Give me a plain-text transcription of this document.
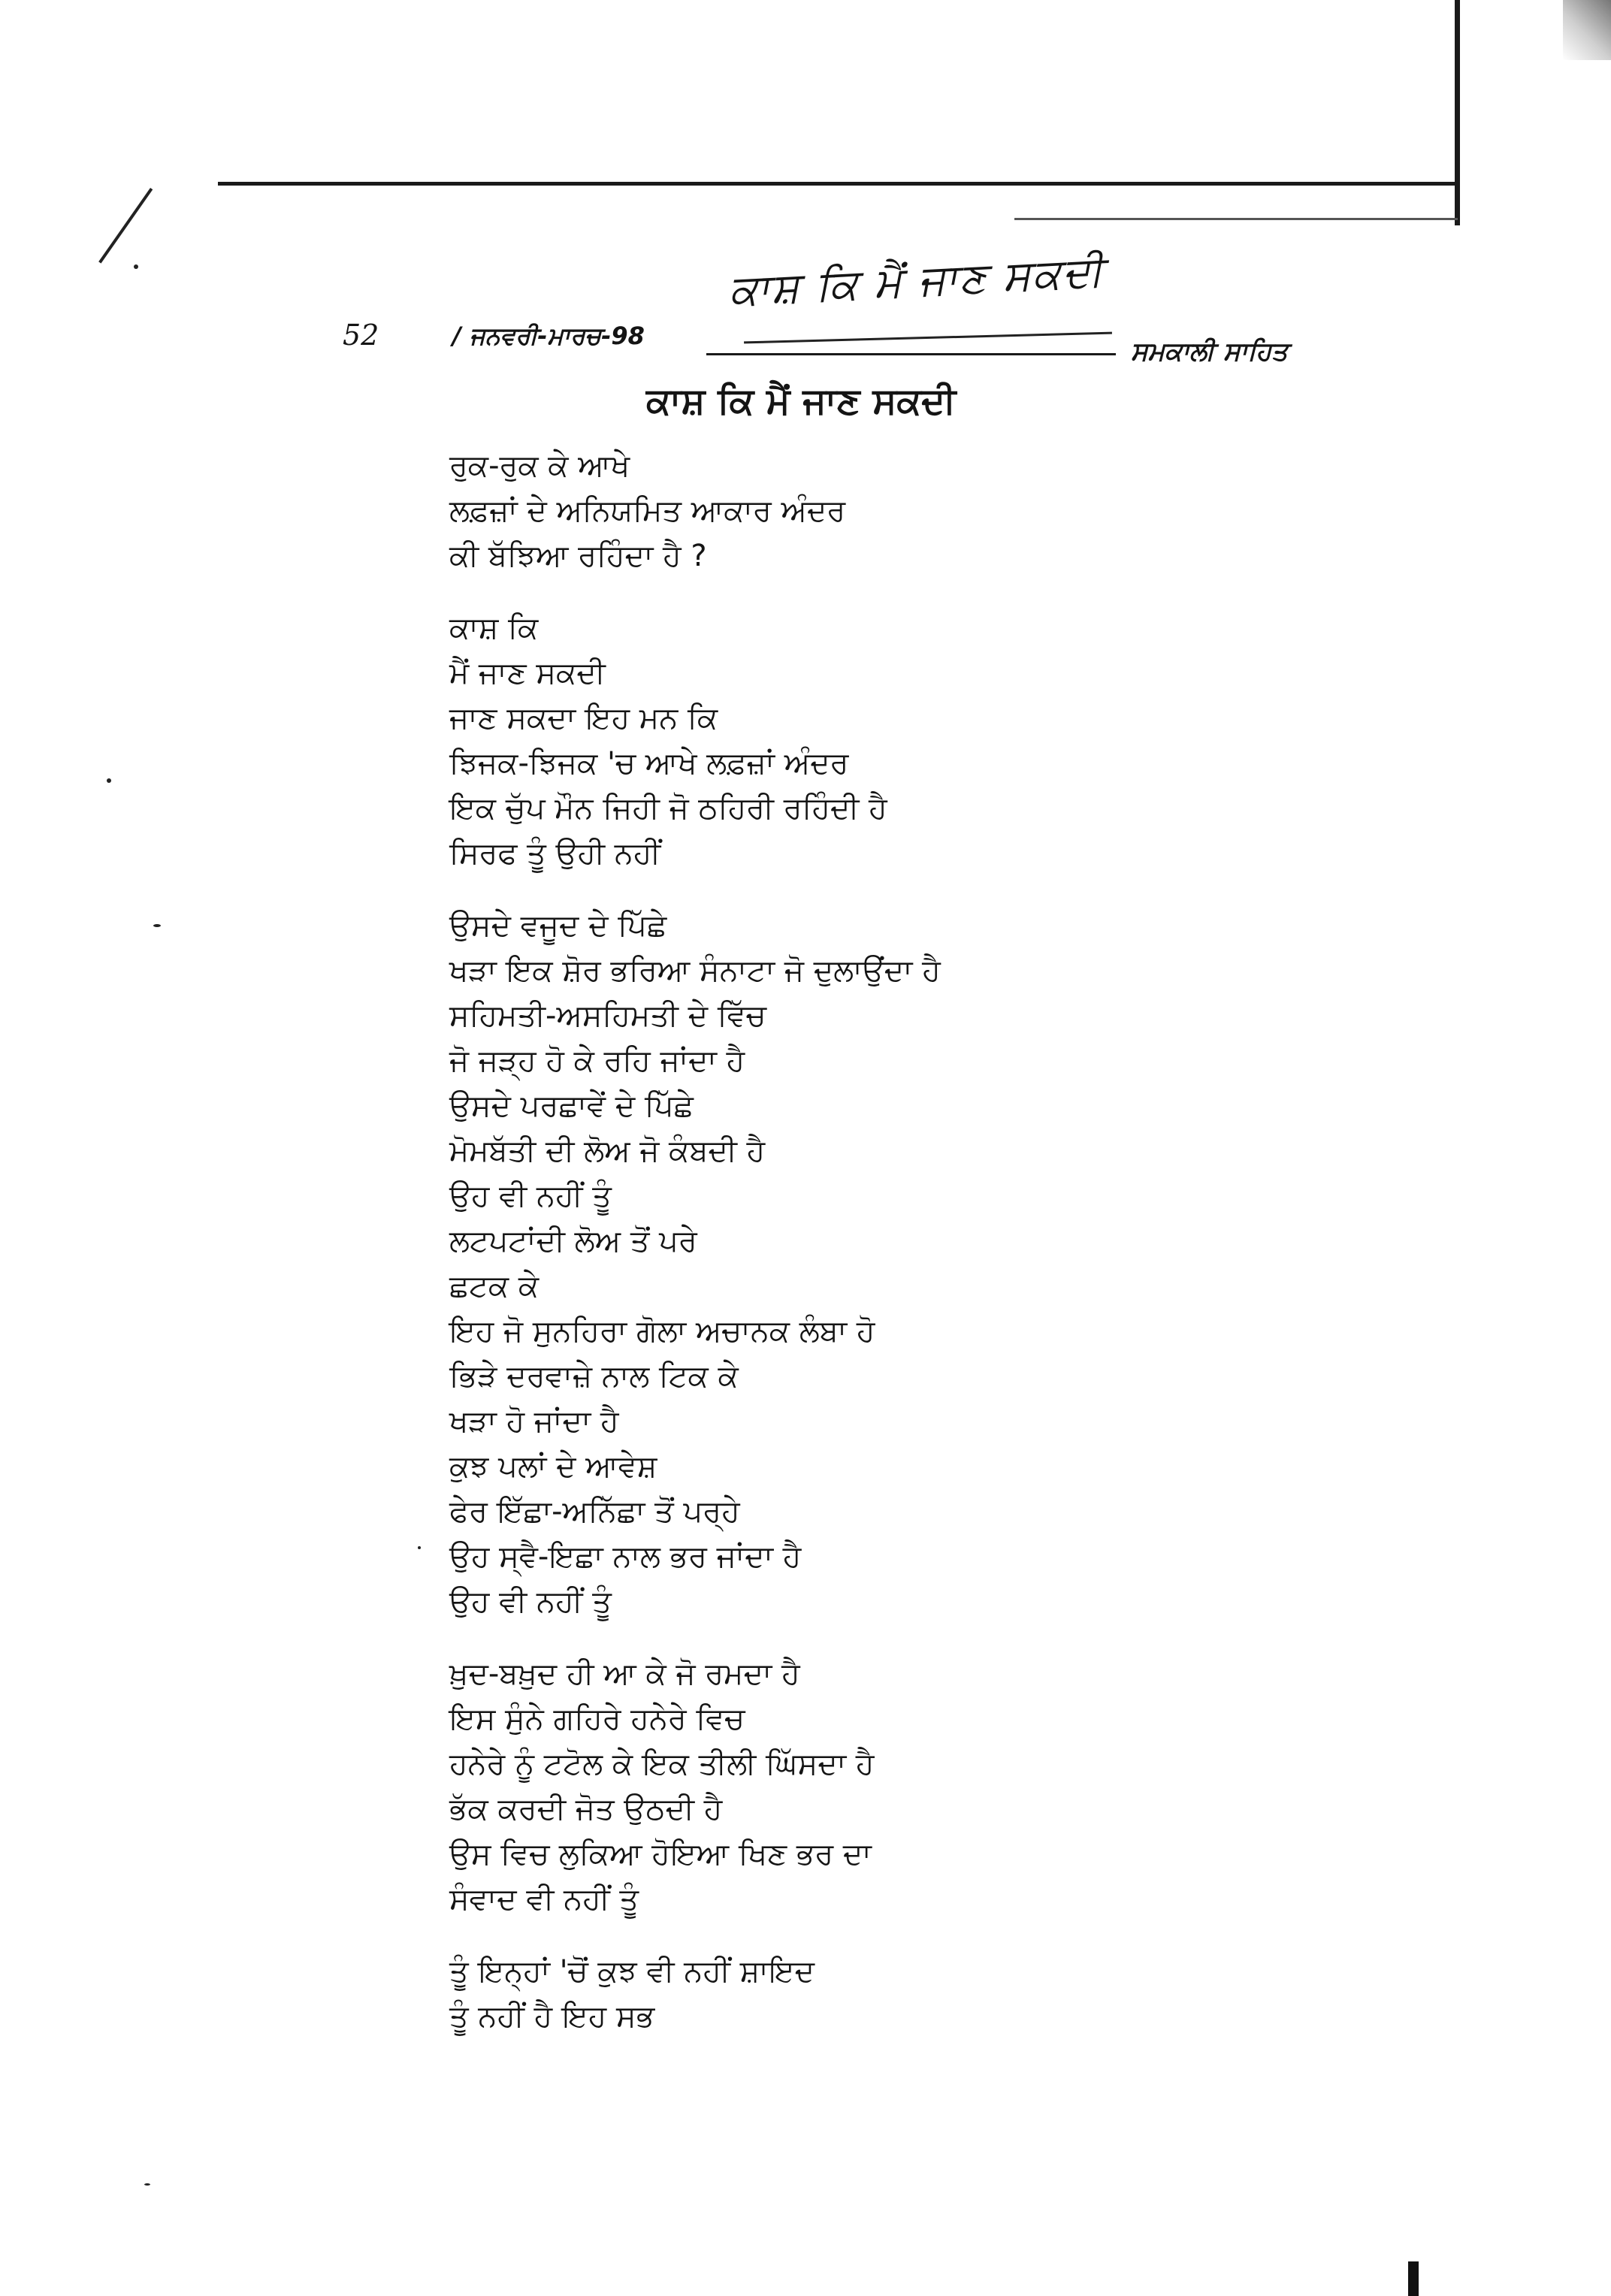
52	/ ਜਨਵਰੀ-ਮਾਰਚ-98
ਕਾਸ਼ ਕਿ ਮੈਂ ਜਾਣ ਸਕਦੀ
ਸਮਕਾਲੀ ਸਾਹਿਤ
ਕਾਸ਼ ਕਿ ਮੈਂ ਜਾਣ ਸਕਦੀ
ਰੁਕ-ਰੁਕ ਕੇ ਆਖੇ
ਲਫ਼ਜ਼ਾਂ ਦੇ ਅਨਿਯਮਿਤ ਆਕਾਰ ਅੰਦਰ
ਕੀ ਬੱਝਿਆ ਰਹਿੰਦਾ ਹੈ ?
ਕਾਸ਼ ਕਿ
ਮੈਂ ਜਾਣ ਸਕਦੀ
ਜਾਣ ਸਕਦਾ ਇਹ ਮਨ ਕਿ
ਝਿਜਕ-ਝਿਜਕ 'ਚ ਆਖੇ ਲਫ਼ਜ਼ਾਂ ਅੰਦਰ
ਇਕ ਚੁੱਪ ਮੌਨ ਜਿਹੀ ਜੋ ਠਹਿਰੀ ਰਹਿੰਦੀ ਹੈ
ਸਿਰਫ ਤੂੰ ਉਹੀ ਨਹੀਂ
ਉਸਦੇ ਵਜੂਦ ਦੇ ਪਿੱਛੇ
ਖੜਾ ਇਕ ਸ਼ੋਰ ਭਰਿਆ ਸੰਨਾਟਾ ਜੋ ਦੁਲਾਉਂਦਾ ਹੈ
ਸਹਿਮਤੀ-ਅਸਹਿਮਤੀ ਦੇ ਵਿੱਚ
ਜੋ ਜੜ੍ਹ ਹੋ ਕੇ ਰਹਿ ਜਾਂਦਾ ਹੈ
ਉਸਦੇ ਪਰਛਾਵੇਂ ਦੇ ਪਿੱਛੇ
ਮੋਮਬੱਤੀ ਦੀ ਲੋਅ ਜੋ ਕੰਬਦੀ ਹੈ
ਉਹ ਵੀ ਨਹੀਂ ਤੂੰ
ਲਟਪਟਾਂਦੀ ਲੋਅ ਤੋਂ ਪਰੇ
ਛਟਕ ਕੇ
ਇਹ ਜੋ ਸੁਨਹਿਰਾ ਗੋਲਾ ਅਚਾਨਕ ਲੰਬਾ ਹੋ
ਭਿੜੇ ਦਰਵਾਜ਼ੇ ਨਾਲ ਟਿਕ ਕੇ
ਖੜਾ ਹੋ ਜਾਂਦਾ ਹੈ
ਕੁਝ ਪਲਾਂ ਦੇ ਆਵੇਸ਼
ਫੇਰ ਇੱਛਾ-ਅਨਿੱਛਾ ਤੋਂ ਪਰ੍ਹੇ
ਉਹ ਸ੍ਵੈ-ਇਛਾ ਨਾਲ ਭਰ ਜਾਂਦਾ ਹੈ
ਉਹ ਵੀ ਨਹੀਂ ਤੂੰ
ਖ਼ੁਦ-ਬਖ਼ੁਦ ਹੀ ਆ ਕੇ ਜੋ ਰਮਦਾ ਹੈ
ਇਸ ਸੁੰਨੇ ਗਹਿਰੇ ਹਨੇਰੇ ਵਿਚ
ਹਨੇਰੇ ਨੂੰ ਟਟੋਲ ਕੇ ਇਕ ਤੀਲੀ ਘਿੱਸਦਾ ਹੈ
ਭੱਕ ਕਰਦੀ ਜੋਤ ਉਠਦੀ ਹੈ
ਉਸ ਵਿਚ ਲੁਕਿਆ ਹੋਇਆ ਖਿਣ ਭਰ ਦਾ
ਸੰਵਾਦ ਵੀ ਨਹੀਂ ਤੂੰ
ਤੂੰ ਇਨ੍ਹਾਂ 'ਚੋਂ ਕੁਝ ਵੀ ਨਹੀਂ ਸ਼ਾਇਦ
ਤੂੰ ਨਹੀਂ ਹੈ ਇਹ ਸਭ
